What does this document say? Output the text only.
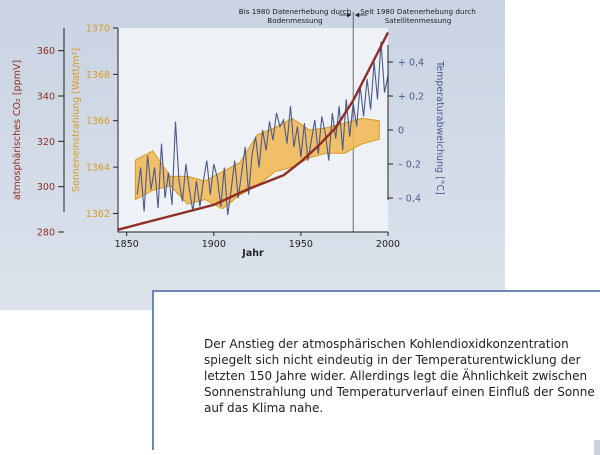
Bis 1980 Datenerhebung durch Bodenmessung
Seit 1980 Datenerhebung durch Satellitenmessung
280
300
320
340
360
atmosphärisches CO₂ [ppmV]
1362
1364
1366
1368
1370
Sonneneinstrahlung [Watt/m²]	+ 0,4
+ 0,2
0
– 0,2
– 0,4
Temperaturabweichung [°C]
1850	1900	1950	2000
Jahr
Der Anstieg der atmosphärischen Kohlendioxidkonzentration spiegelt sich nicht eindeutig in der Temperaturentwicklung der letzten 150 Jahre wider. Allerdings legt die Ähnlichkeit zwischen Sonnenstrahlung und Temperaturverlauf einen Einfluß der Sonne auf das Klima nahe.
